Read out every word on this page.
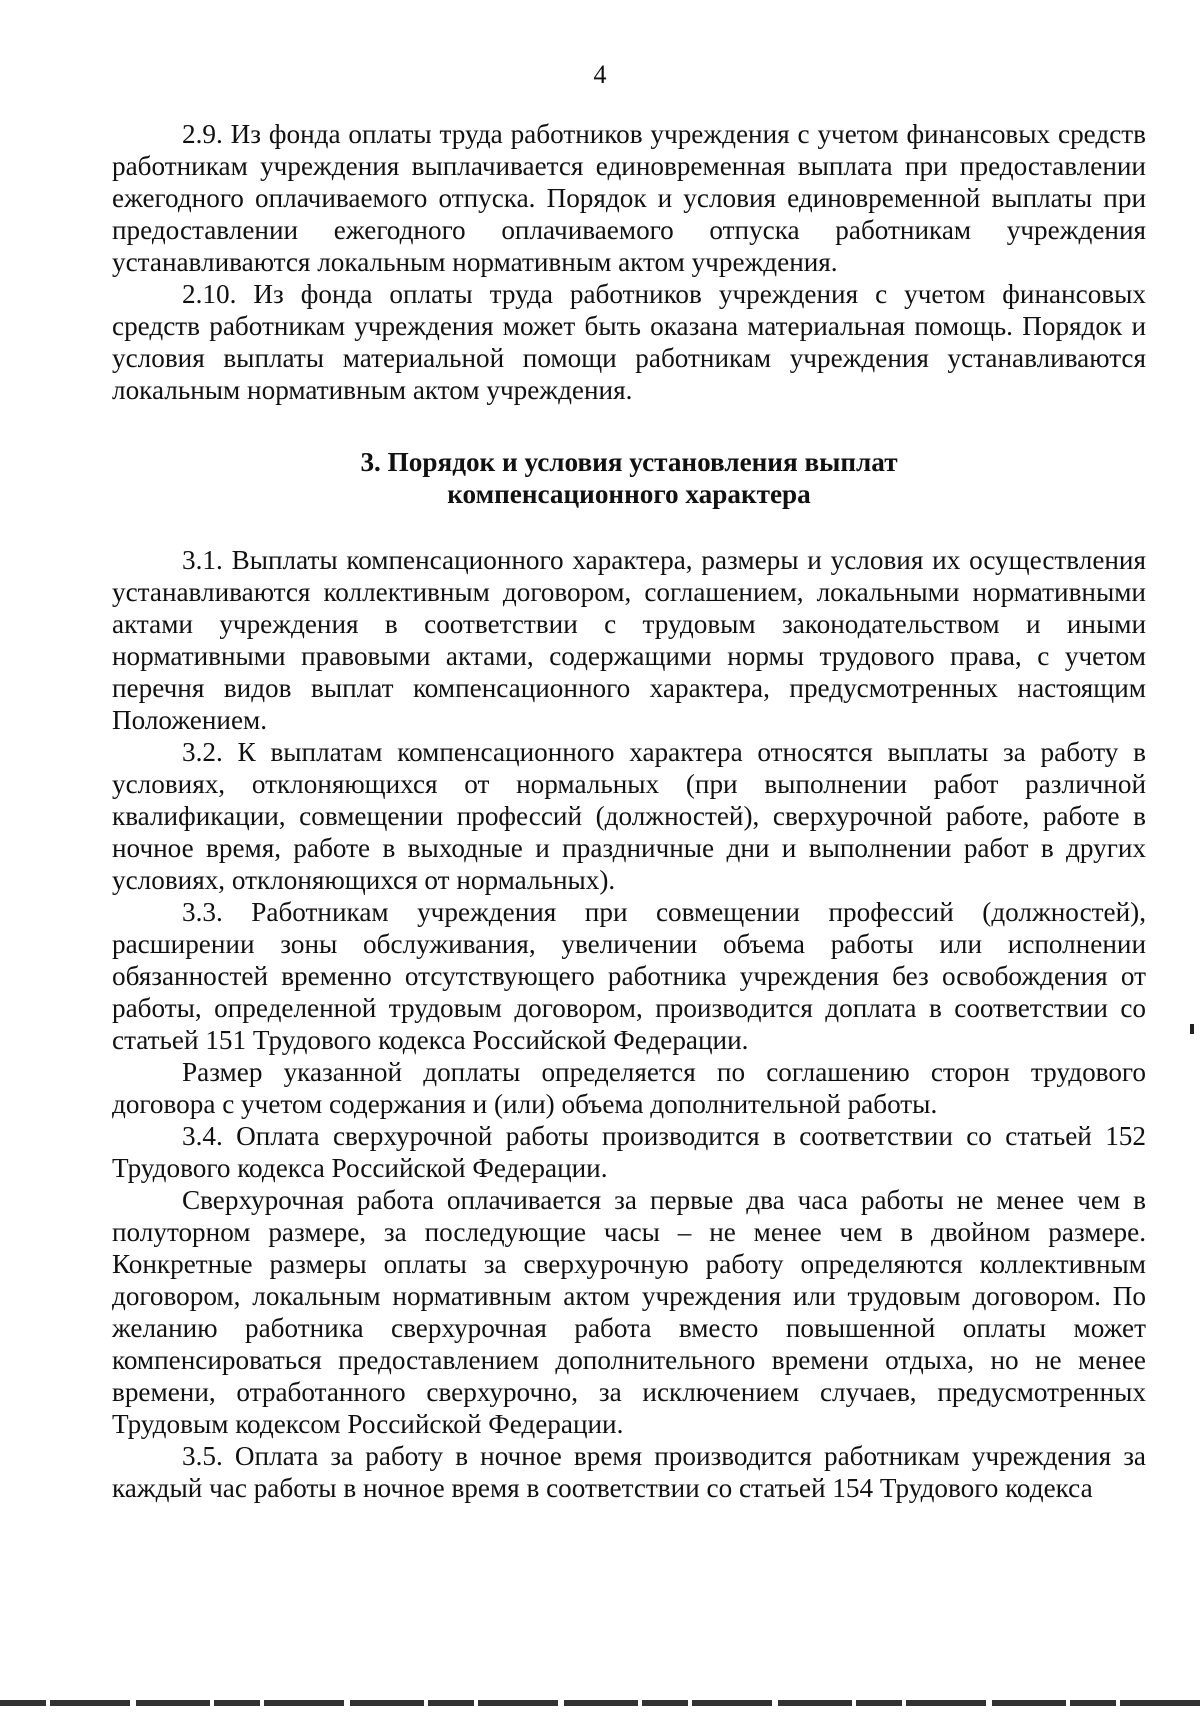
4

2.9. Из фонда оплаты труда работников учреждения с учетом финансовых средств работникам учреждения выплачивается единовременная выплата при предоставлении ежегодного оплачиваемого отпуска. Порядок и условия единовременной выплаты при предоставлении ежегодного оплачиваемого отпуска работникам учреждения устанавливаются локальным нормативным актом учреждения.

2.10. Из фонда оплаты труда работников учреждения с учетом финансовых средств работникам учреждения может быть оказана материальная помощь. Порядок и условия выплаты материальной помощи работникам учреждения устанавливаются локальным нормативным актом учреждения.

3. Порядок и условия установления выплат
компенсационного характера

3.1. Выплаты компенсационного характера, размеры и условия их осуществления устанавливаются коллективным договором, соглашением, локальными нормативными актами учреждения в соответствии с трудовым законодательством и иными нормативными правовыми актами, содержащими нормы трудового права, с учетом перечня видов выплат компенсационного характера, предусмотренных настоящим Положением.

3.2. К выплатам компенсационного характера относятся выплаты за работу в условиях, отклоняющихся от нормальных (при выполнении работ различной квалификации, совмещении профессий (должностей), сверхурочной работе, работе в ночное время, работе в выходные и праздничные дни и выполнении работ в других условиях, отклоняющихся от нормальных).

3.3. Работникам учреждения при совмещении профессий (должностей), расширении зоны обслуживания, увеличении объема работы или исполнении обязанностей временно отсутствующего работника учреждения без освобождения от работы, определенной трудовым договором, производится доплата в соответствии со статьей 151 Трудового кодекса Российской Федерации.

Размер указанной доплаты определяется по соглашению сторон трудового договора с учетом содержания и (или) объема дополнительной работы.

3.4. Оплата сверхурочной работы производится в соответствии со статьей 152 Трудового кодекса Российской Федерации.

Сверхурочная работа оплачивается за первые два часа работы не менее чем в полуторном размере, за последующие часы – не менее чем в двойном размере. Конкретные размеры оплаты за сверхурочную работу определяются коллективным договором, локальным нормативным актом учреждения или трудовым договором. По желанию работника сверхурочная работа вместо повышенной оплаты может компенсироваться предоставлением дополнительного времени отдыха, но не менее времени, отработанного сверхурочно, за исключением случаев, предусмотренных Трудовым кодексом Российской Федерации.

3.5. Оплата за работу в ночное время производится работникам учреждения за каждый час работы в ночное время в соответствии со статьей 154 Трудового кодекса
